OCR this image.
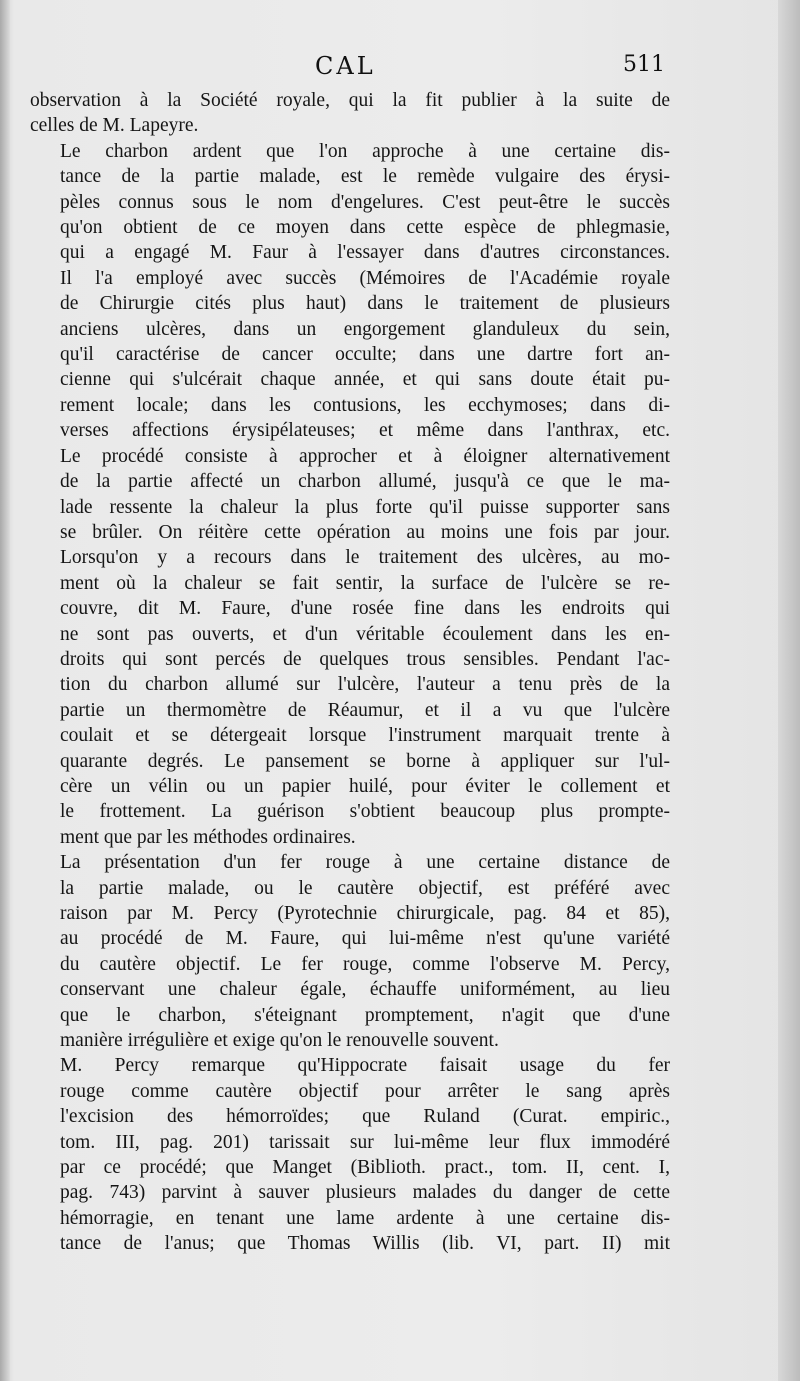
CAL	511

observation à la Société royale, qui la fit publier à la suite de
celles de M. Lapeyre.

Le charbon ardent que l'on approche à une certaine dis-
tance de la partie malade, est le remède vulgaire des érysi-
pèles connus sous le nom d'engelures. C'est peut-être le succès
qu'on obtient de ce moyen dans cette espèce de phlegmasie,
qui a engagé M. Faur à l'essayer dans d'autres circonstances.
Il l'a employé avec succès (Mémoires de l'Académie royale
de Chirurgie cités plus haut) dans le traitement de plusieurs
anciens ulcères, dans un engorgement glanduleux du sein,
qu'il caractérise de cancer occulte; dans une dartre fort an-
cienne qui s'ulcérait chaque année, et qui sans doute était pu-
rement locale; dans les contusions, les ecchymoses; dans di-
verses affections érysipélateuses; et même dans l'anthrax, etc.
Le procédé consiste à approcher et à éloigner alternativement
de la partie affecté un charbon allumé, jusqu'à ce que le ma-
lade ressente la chaleur la plus forte qu'il puisse supporter sans
se brûler. On réitère cette opération au moins une fois par jour.
Lorsqu'on y a recours dans le traitement des ulcères, au mo-
ment où la chaleur se fait sentir, la surface de l'ulcère se re-
couvre, dit M. Faure, d'une rosée fine dans les endroits qui
ne sont pas ouverts, et d'un véritable écoulement dans les en-
droits qui sont percés de quelques trous sensibles. Pendant l'ac-
tion du charbon allumé sur l'ulcère, l'auteur a tenu près de la
partie un thermomètre de Réaumur, et il a vu que l'ulcère
coulait et se détergeait lorsque l'instrument marquait trente à
quarante degrés. Le pansement se borne à appliquer sur l'ul-
cère un vélin ou un papier huilé, pour éviter le collement et
le frottement. La guérison s'obtient beaucoup plus prompte-
ment que par les méthodes ordinaires.

La présentation d'un fer rouge à une certaine distance de
la partie malade, ou le cautère objectif, est préféré avec
raison par M. Percy (Pyrotechnie chirurgicale, pag. 84 et 85),
au procédé de M. Faure, qui lui-même n'est qu'une variété
du cautère objectif. Le fer rouge, comme l'observe M. Percy,
conservant une chaleur égale, échauffe uniformément, au lieu
que le charbon, s'éteignant promptement, n'agit que d'une
manière irrégulière et exige qu'on le renouvelle souvent.

M. Percy remarque qu'Hippocrate faisait usage du fer
rouge comme cautère objectif pour arrêter le sang après
l'excision des hémorroïdes; que Ruland (Curat. empiric.,
tom. III, pag. 201) tarissait sur lui-même leur flux immodéré
par ce procédé; que Manget (Biblioth. pract., tom. II, cent. I,
pag. 743) parvint à sauver plusieurs malades du danger de cette
hémorragie, en tenant une lame ardente à une certaine dis-
tance de l'anus; que Thomas Willis (lib. VI, part. II) mit
